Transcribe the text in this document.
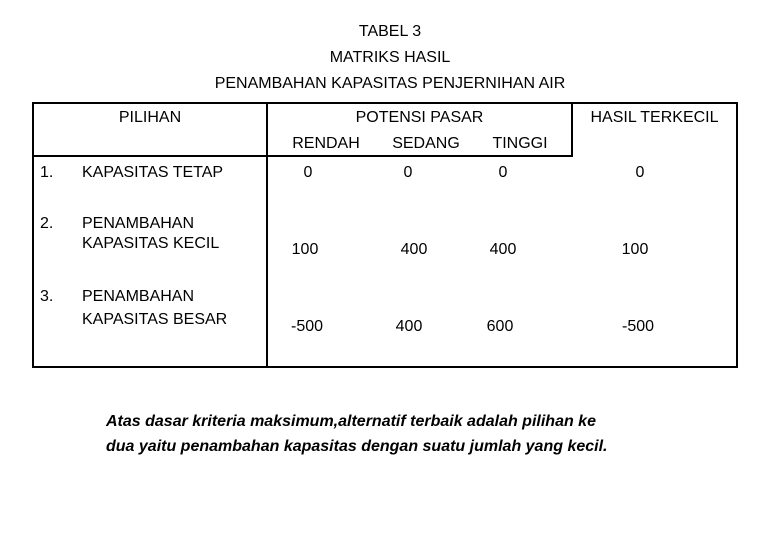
TABEL 3
MATRIKS HASIL
PENAMBAHAN KAPASITAS PENJERNIHAN AIR
PILIHAN	POTENSI PASAR	HASIL TERKECIL
RENDAH	SEDANG	TINGGI
1. KAPASITAS TETAP	0	0	0	0
2. PENAMBAHAN
KAPASITAS KECIL	100	400	400	100
3. PENAMBAHAN
KAPASITAS BESAR	-500	400	600	-500
Atas dasar kriteria maksimum,alternatif terbaik adalah pilihan ke
dua yaitu penambahan kapasitas dengan suatu jumlah yang kecil.
